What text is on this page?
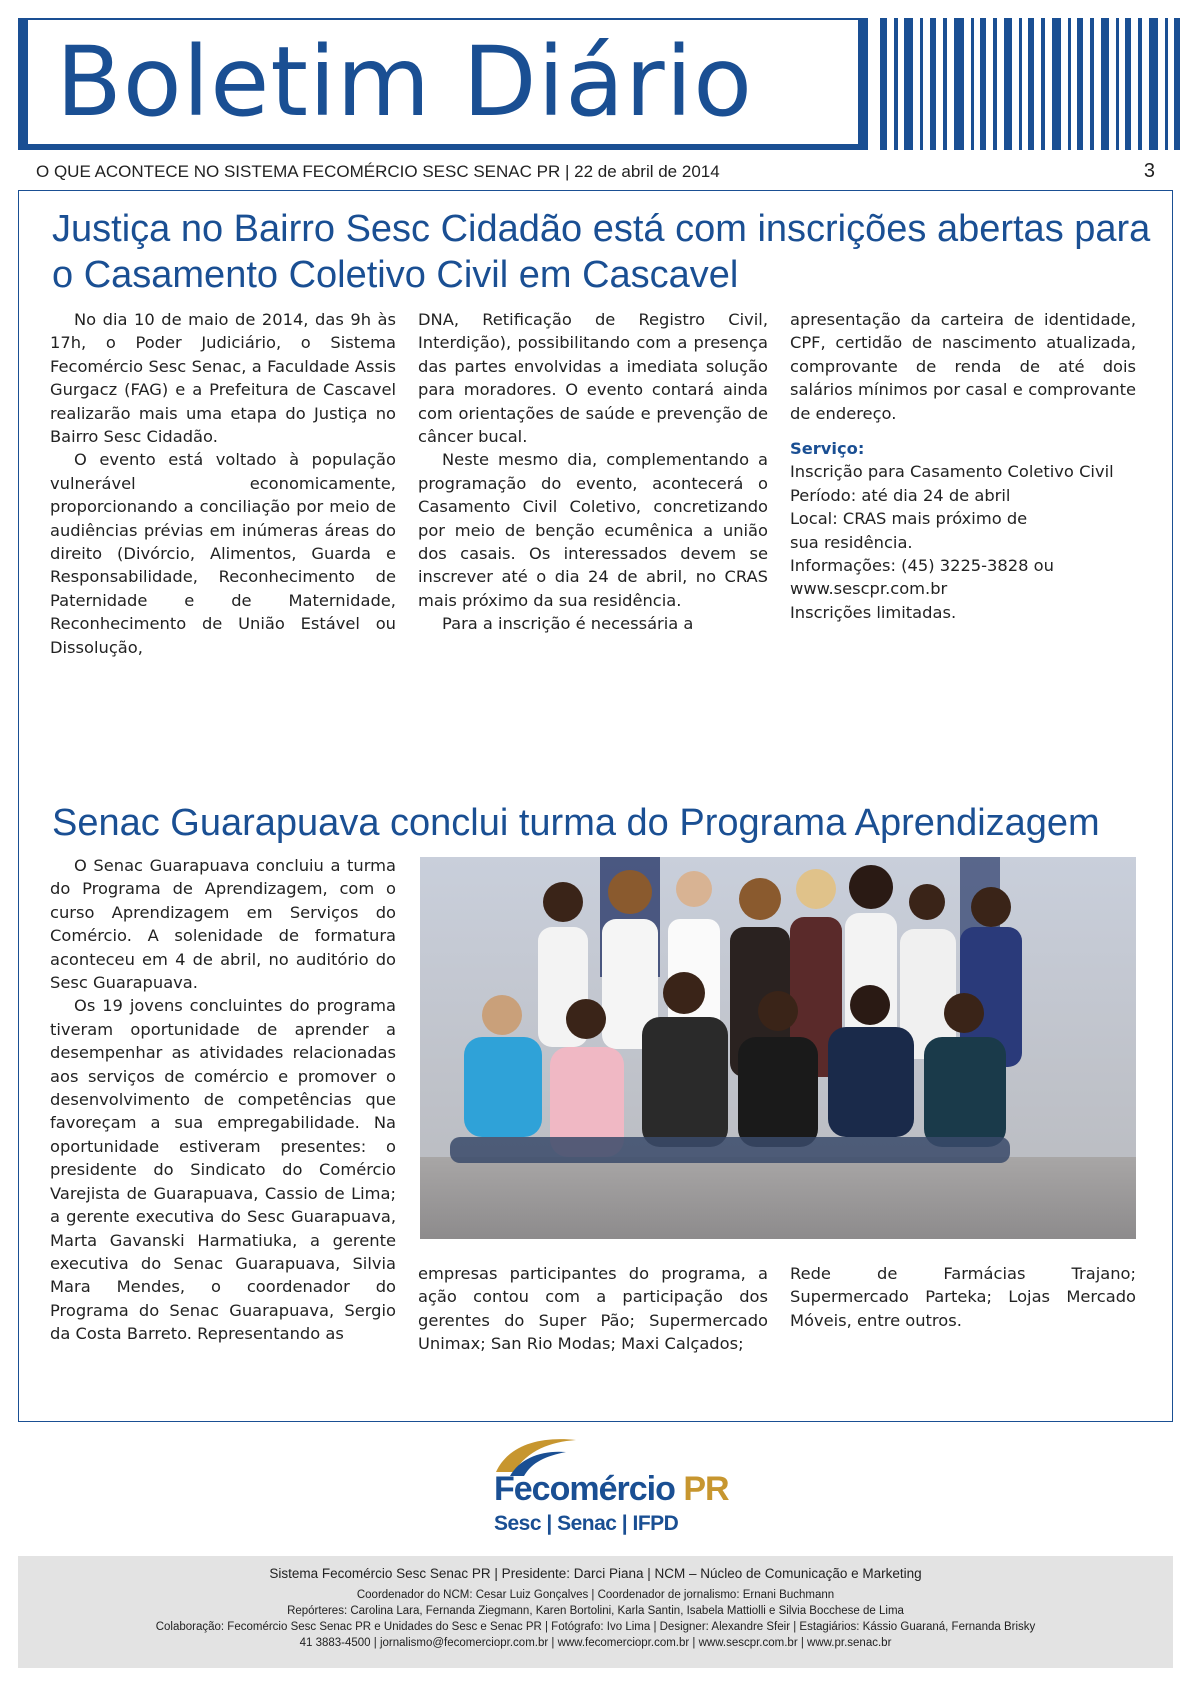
Boletim Diário
O QUE ACONTECE NO SISTEMA FECOMÉRCIO SESC SENAC PR | 22 de abril de 2014	3
Justiça no Bairro Sesc Cidadão está com inscrições abertas para o Casamento Coletivo Civil em Cascavel

No dia 10 de maio de 2014, das 9h às 17h, o Poder Judiciário, o Sistema Fecomércio Sesc Senac, a Faculdade Assis Gurgacz (FAG) e a Prefeitura de Cascavel realizarão mais uma etapa do Justiça no Bairro Sesc Cidadão.

O evento está voltado à população vulnerável economicamente, proporcionando a conciliação por meio de audiências prévias em inúmeras áreas do direito (Divórcio, Alimentos, Guarda e Responsabilidade, Reconhecimento de Paternidade e de Maternidade, Reconhecimento de União Estável ou Dissolução,

DNA, Retificação de Registro Civil, Interdição), possibilitando com a presença das partes envolvidas a imediata solução para moradores. O evento contará ainda com orientações de saúde e prevenção de câncer bucal.

Neste mesmo dia, complementando a programação do evento, acontecerá o Casamento Civil Coletivo, concretizando por meio de benção ecumênica a união dos casais. Os interessados devem se inscrever até o dia 24 de abril, no CRAS mais próximo da sua residência.

Para a inscrição é necessária a

apresentação da carteira de identidade, CPF, certidão de nascimento atualizada, comprovante de renda de até dois salários mínimos por casal e comprovante de endereço.

Serviço:
Inscrição para Casamento Coletivo Civil
Período: até dia 24 de abril
Local: CRAS mais próximo de
sua residência.
Informações: (45) 3225-3828 ou
www.sescpr.com.br
Inscrições limitadas.
Senac Guarapuava conclui turma do Programa Aprendizagem

O Senac Guarapuava concluiu a turma do Programa de Aprendizagem, com o curso Aprendizagem em Serviços do Comércio. A solenidade de formatura aconteceu em 4 de abril, no auditório do Sesc Guarapuava.

Os 19 jovens concluintes do programa tiveram oportunidade de aprender a desempenhar as atividades relacionadas aos serviços de comércio e promover o desenvolvimento de competências que favoreçam a sua empregabilidade. Na oportunidade estiveram presentes: o presidente do Sindicato do Comércio Varejista de Guarapuava, Cassio de Lima; a gerente executiva do Sesc Guarapuava, Marta Gavanski Harmatiuka, a gerente executiva do Senac Guarapuava, Silvia Mara Mendes, o coordenador do Programa do Senac Guarapuava, Sergio da Costa Barreto. Representando as

empresas participantes do programa, a ação contou com a participação dos gerentes do Super Pão; Supermercado Unimax; San Rio Modas; Maxi Calçados;

Rede de Farmácias Trajano; Supermercado Parteka; Lojas Mercado Móveis, entre outros.

Fecomércio PR
Sesc | Senac | IFPD
Sistema Fecomércio Sesc Senac PR | Presidente: Darci Piana | NCM – Núcleo de Comunicação e Marketing
Coordenador do NCM: Cesar Luiz Gonçalves | Coordenador de jornalismo: Ernani Buchmann
Repórteres: Carolina Lara, Fernanda Ziegmann, Karen Bortolini, Karla Santin, Isabela Mattiolli e Silvia Bocchese de Lima
Colaboração: Fecomércio Sesc Senac PR e Unidades do Sesc e Senac PR | Fotógrafo: Ivo Lima | Designer: Alexandre Sfeir | Estagiários: Kássio Guaraná, Fernanda Brisky
41 3883-4500 | jornalismo@fecomerciopr.com.br | www.fecomerciopr.com.br | www.sescpr.com.br | www.pr.senac.br
